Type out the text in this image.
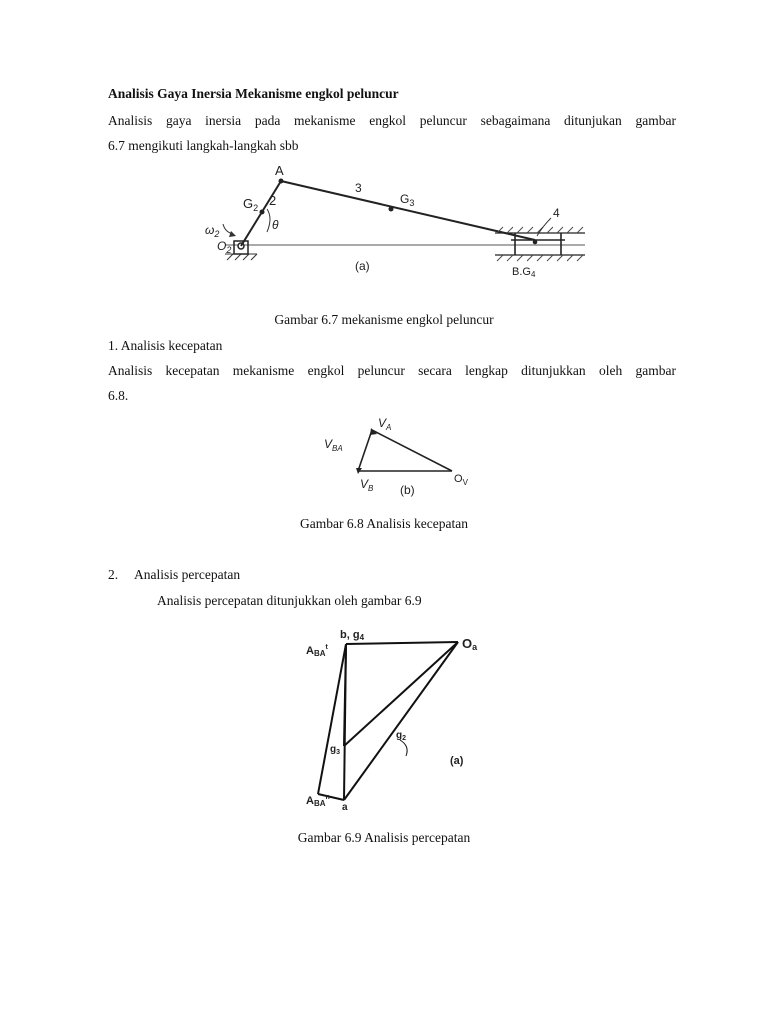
Analisis Gaya Inersia Mekanisme engkol peluncur
Analisis gaya inersia pada mekanisme engkol peluncur sebagaimana ditunjukan gambar
6.7 mengikuti langkah-langkah sbb
A
$G_2$ 2
3
$G_3$
θ
$\omega_2$
$O_2$
4
(a)	B.G4
Gambar 6.7 mekanisme engkol peluncur
1. Analisis kecepatan
Analisis kecepatan mekanisme engkol peluncur secara lengkap ditunjukkan oleh gambar
6.8.
$V_A$
$V_{BA}$
$V_B$ (b)
$O_V$
Gambar 6.8 Analisis kecepatan
2. Analisis percepatan
Analisis percepatan ditunjukkan oleh gambar 6.9
b, g4	Oa
ABA$^t$
$g_3$
$g_2$
(a)
ABA$^n$
a
Gambar 6.9 Analisis percepatan
